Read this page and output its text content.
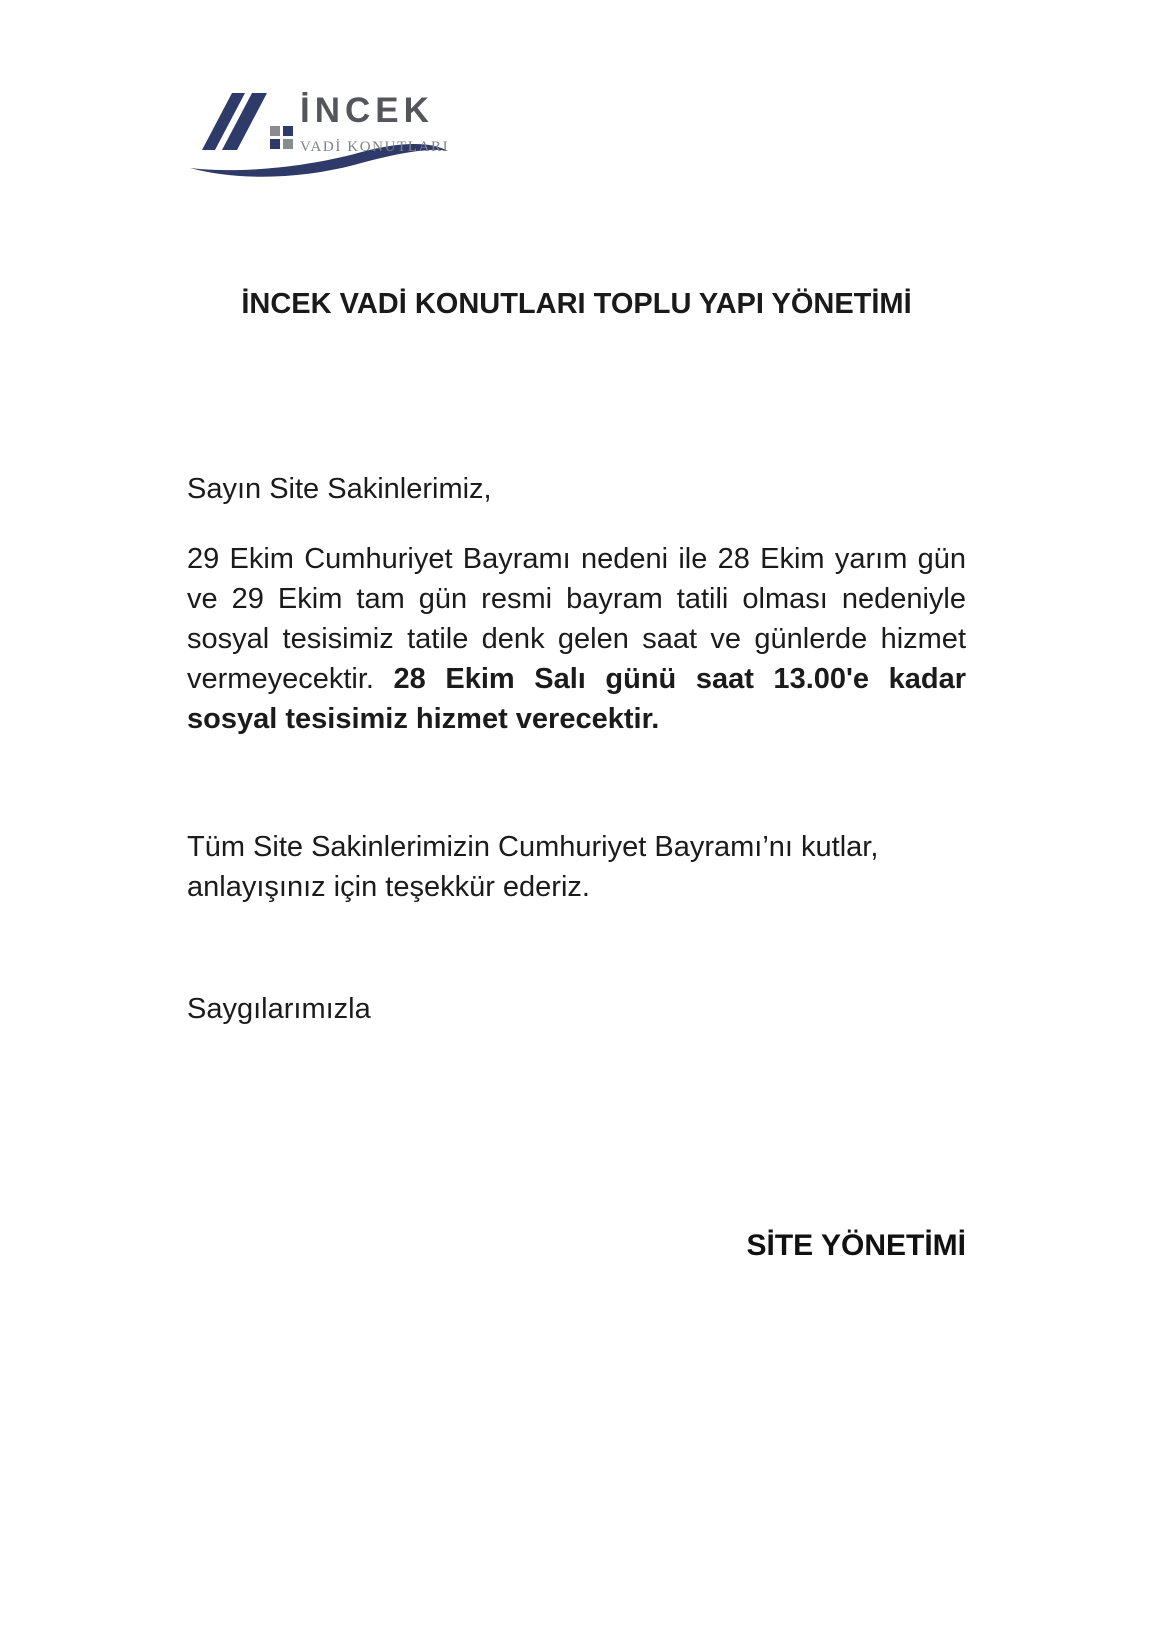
İNCEK
VADİ KONUTLARI
İNCEK VADİ KONUTLARI TOPLU YAPI YÖNETİMİ
Sayın Site Sakinlerimiz,
29 Ekim Cumhuriyet Bayramı nedeni ile 28 Ekim yarım gün ve 29 Ekim tam gün resmi bayram tatili olması nedeniyle sosyal tesisimiz tatile denk gelen saat ve günlerde hizmet vermeyecektir. 28 Ekim Salı günü saat 13.00'e kadar sosyal tesisimiz hizmet verecektir.
Tüm Site Sakinlerimizin Cumhuriyet Bayramı’nı kutlar, anlayışınız için teşekkür ederiz.
Saygılarımızla
SİTE YÖNETİMİ
